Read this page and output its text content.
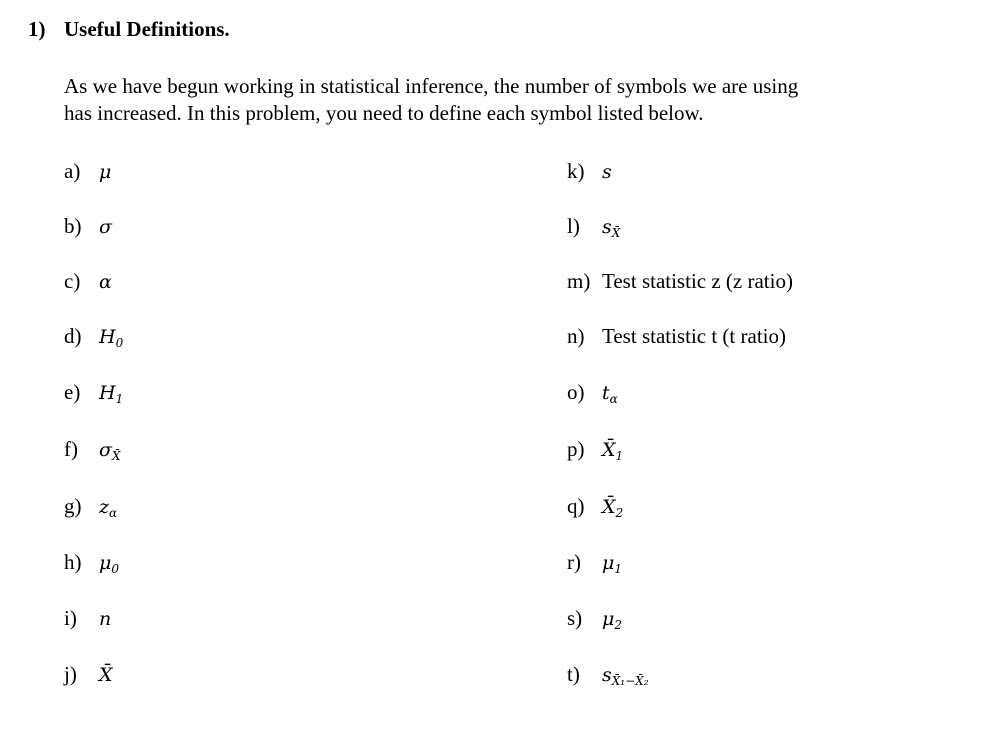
1) Useful Definitions.

As we have begun working in statistical inference, the number of symbols we are using

has increased. In this problem, you need to define each symbol listed below.

a) μ
b) σ
c) α
d) $H_0$
e) $H_1$
f) $\sigma_{X̄}$
g) $z_\alpha$
h) $\mu_0$
i) n
j) X̄
k) s
l) $s_{X̄}$
m) Test statistic z (z ratio)
n) Test statistic t (t ratio)
o) $t_\alpha$
p) $X̄_1$
q) $X̄_2$
r) $\mu_1$
s) $\mu_2$
t) $s_{X̄_1-X̄_2}$
